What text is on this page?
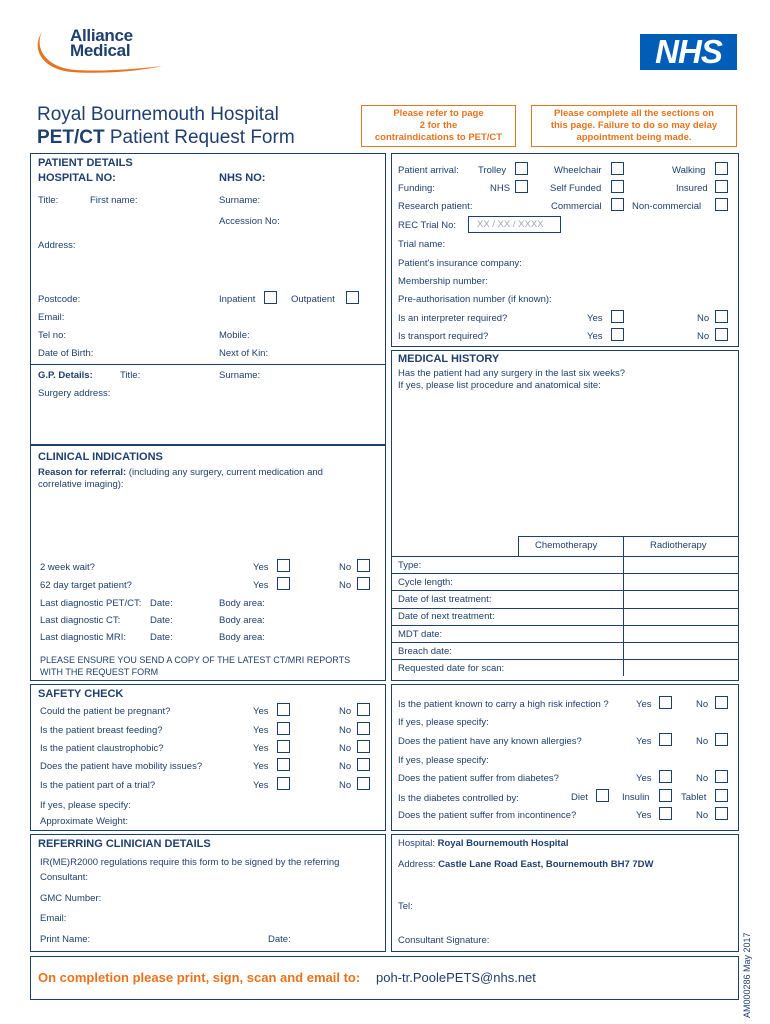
Alliance
Medical	NHS
Royal Bournemouth Hospital
PET/CT Patient Request Form
Please refer to page
2 for the
contraindications to PET/CT
Please complete all the sections on
this page. Failure to do so may delay
appointment being made.
PATIENT DETAILS
HOSPITAL NO:	NHS NO:
Title:	First name:	Surname:
Accession No:
Address:
Postcode:	Inpatient	Outpatient
Email:
Tel no:	Mobile:
Date of Birth:	Next of Kin:
G.P. Details:	Title:	Surname:
Surgery address:
Patient arrival: Trolley	Wheelchair	Walking
Funding:	NHS	Self Funded	Insured
Research patient:	Commercial	Non-commercial
REC Trial No:	XX / XX / XXXX
Trial name:
Patient's insurance company:
Membership number:
Pre-authorisation number (if known):
Is an interpreter required?	Yes	No
Is transport required?	Yes	No
MEDICAL HISTORY
Has the patient had any surgery in the last six weeks?
If yes, please list procedure and anatomical site:
Chemotherapy	Radiotherapy
Type:
Cycle length:
Date of last treatment:
Date of next treatment:
MDT date:
Breach date:
Requested date for scan:
CLINICAL INDICATIONS
Reason for referral: (including any surgery, current medication and
correlative imaging):
2 week wait?	Yes	No
62 day target patient?	Yes	No
Last diagnostic PET/CT: Date:	Body area:
Last diagnostic CT:	Date:	Body area:
Last diagnostic MRI:	Date:	Body area:
PLEASE ENSURE YOU SEND A COPY OF THE LATEST CT/MRI REPORTS
WITH THE REQUEST FORM
SAFETY CHECK
Could the patient be pregnant?	Yes	No
Is the patient breast feeding?	Yes	No
Is the patient claustrophobic?	Yes	No
Does the patient have mobility issues?	Yes	No
Is the patient part of a trial?	Yes	No
If yes, please specify:
Approximate Weight:
Is the patient known to carry a high risk infection ?	Yes	No
If yes, please specify:
Does the patient have any known allergies?	Yes	No
If yes, please specify:
Does the patient suffer from diabetes?	Yes	No
Is the diabetes controlled by:	Diet	Insulin	Tablet
Does the patient suffer from incontinence?	Yes	No
REFERRING CLINICIAN DETAILS
IR(ME)R2000 regulations require this form to be signed by the referring
Consultant:
GMC Number:
Email:
Print Name:	Date:
Hospital: Royal Bournemouth Hospital
Address: Castle Lane Road East, Bournemouth BH7 7DW
Tel:
Consultant Signature:
On completion please print, sign, scan and email to: poh-tr.PoolePETS@nhs.net	AM000286 May 2017
